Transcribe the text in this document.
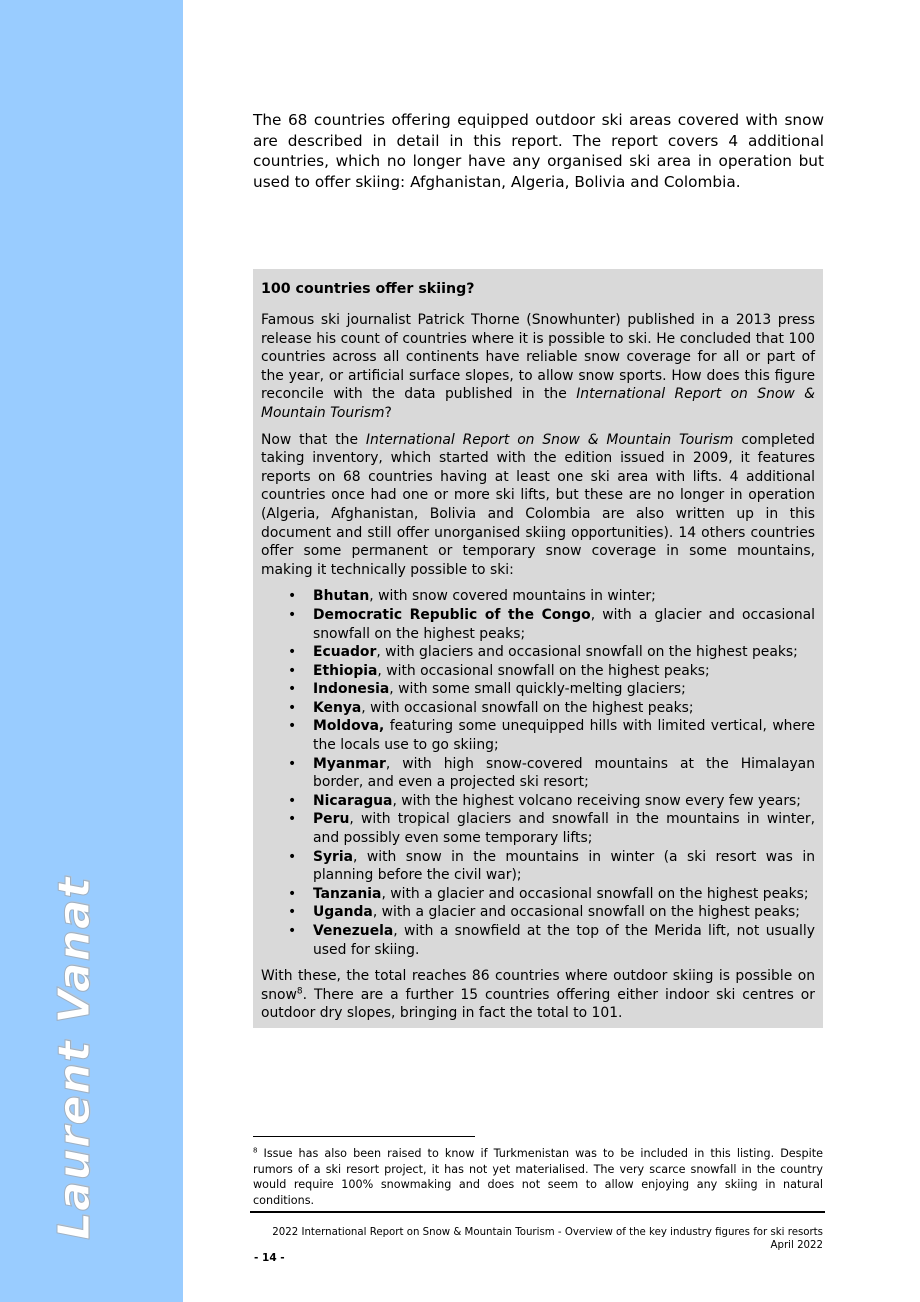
Laurent Vanat

The 68 countries offering equipped outdoor ski areas covered with snow are described in detail in this report. The report covers 4 additional countries, which no longer have any organised ski area in operation but used to offer skiing: Afghanistan, Algeria, Bolivia and Colombia.

100 countries offer skiing?

Famous ski journalist Patrick Thorne (Snowhunter) published in a 2013 press release his count of countries where it is possible to ski. He concluded that 100 countries across all continents have reliable snow coverage for all or part of the year, or artificial surface slopes, to allow snow sports. How does this figure reconcile with the data published in the International Report on Snow & Mountain Tourism?

Now that the International Report on Snow & Mountain Tourism completed taking inventory, which started with the edition issued in 2009, it features reports on 68 countries having at least one ski area with lifts. 4 additional countries once had one or more ski lifts, but these are no longer in operation (Algeria, Afghanistan, Bolivia and Colombia are also written up in this document and still offer unorganised skiing opportunities). 14 others countries offer some permanent or temporary snow coverage in some mountains, making it technically possible to ski:

• Bhutan, with snow covered mountains in winter;
• Democratic Republic of the Congo, with a glacier and occasional snowfall on the highest peaks;
• Ecuador, with glaciers and occasional snowfall on the highest peaks;
• Ethiopia, with occasional snowfall on the highest peaks;
• Indonesia, with some small quickly-melting glaciers;
• Kenya, with occasional snowfall on the highest peaks;
• Moldova, featuring some unequipped hills with limited vertical, where the locals use to go skiing;
• Myanmar, with high snow-covered mountains at the Himalayan border, and even a projected ski resort;
• Nicaragua, with the highest volcano receiving snow every few years;
• Peru, with tropical glaciers and snowfall in the mountains in winter, and possibly even some temporary lifts;
• Syria, with snow in the mountains in winter (a ski resort was in planning before the civil war);
• Tanzania, with a glacier and occasional snowfall on the highest peaks;
• Uganda, with a glacier and occasional snowfall on the highest peaks;
• Venezuela, with a snowfield at the top of the Merida lift, not usually used for skiing.

With these, the total reaches 86 countries where outdoor skiing is possible on snow$^8$. There are a further 15 countries offering either indoor ski centres or outdoor dry slopes, bringing in fact the total to 101.

$^8$ Issue has also been raised to know if Turkmenistan was to be included in this listing. Despite rumors of a ski resort project, it has not yet materialised. The very scarce snowfall in the country would require 100% snowmaking and does not seem to allow enjoying any skiing in natural conditions.

2022 International Report on Snow & Mountain Tourism - Overview of the key industry figures for ski resorts
April 2022
- 14 -
